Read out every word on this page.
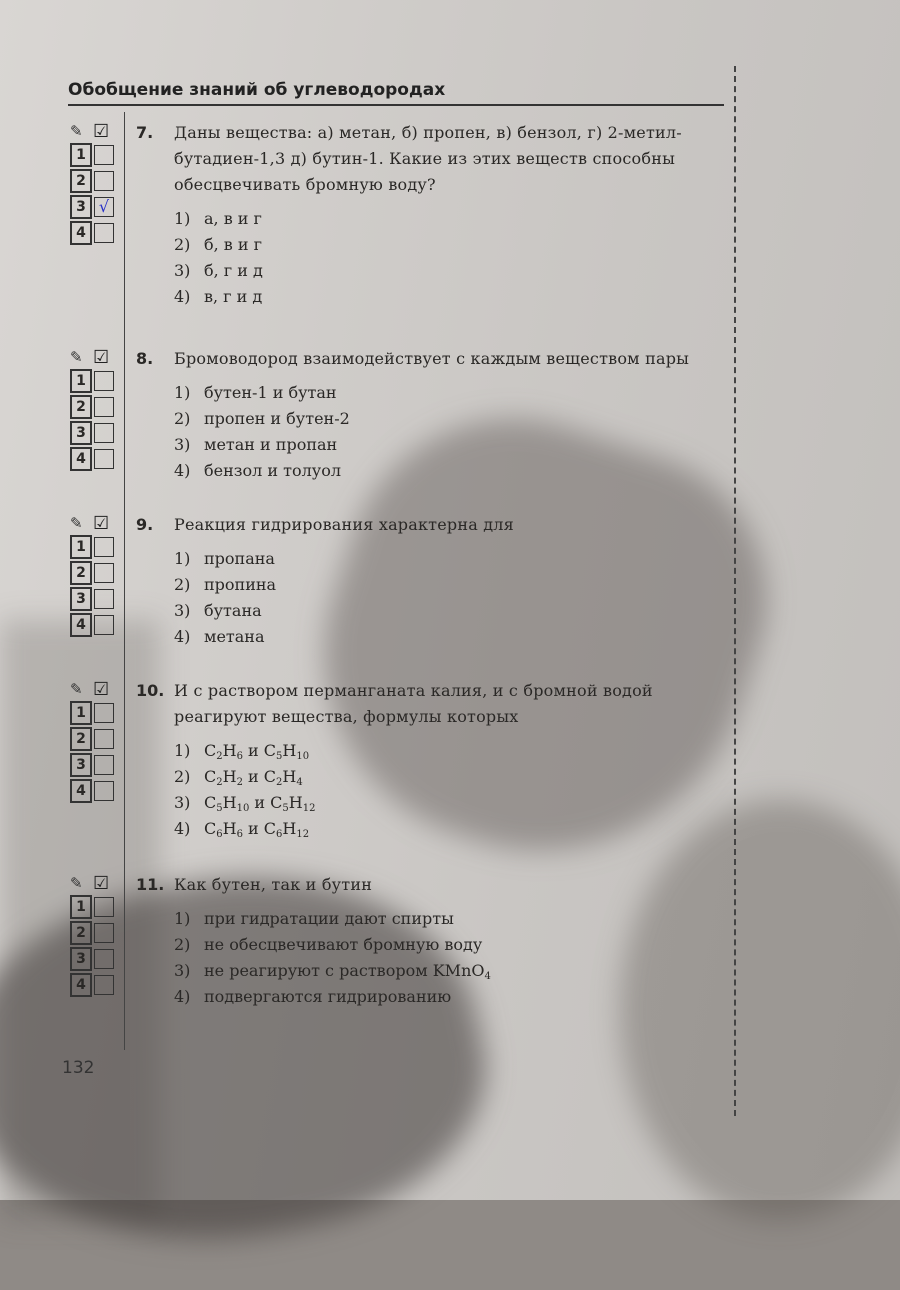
Обобщение знаний об углеводородах
✎ ☑
1
2
3 √
4
7.	Даны вещества: а) метан, б) пропен, в) бензол, г) 2-метил-бутадиен-1,3 д) бутин-1. Какие из этих веществ способны обесцвечивать бромную воду?
1) а, в и г
2) б, в и г
3) б, г и д
4) в, г и д
✎ ☑
1
2
3
4
8.	Бромоводород взаимодействует с каждым веществом пары
1) бутен-1 и бутан
2) пропен и бутен-2
3) метан и пропан
4) бензол и толуол
✎ ☑
1
2
3
4
9.	Реакция гидрирования характерна для
1) пропана
2) пропина
3) бутана
4) метана
✎ ☑
1
2
3
4
10. И с раствором перманганата калия, и с бромной водой реагируют вещества, формулы которых
1) $C_2H_6$ и $C_5H_{10}$
2) $C_2H_2$ и $C_2H_4$
3) $C_5H_{10}$ и $C_5H_{12}$
4) $C_6H_6$ и $C_6H_{12}$
✎ ☑
1
2
3
4
11. Как бутен, так и бутин
1) при гидратации дают спирты
2) не обесцвечивают бромную воду
3) не реагируют с раствором KMnO$_4$
4) подвергаются гидрированию
132
